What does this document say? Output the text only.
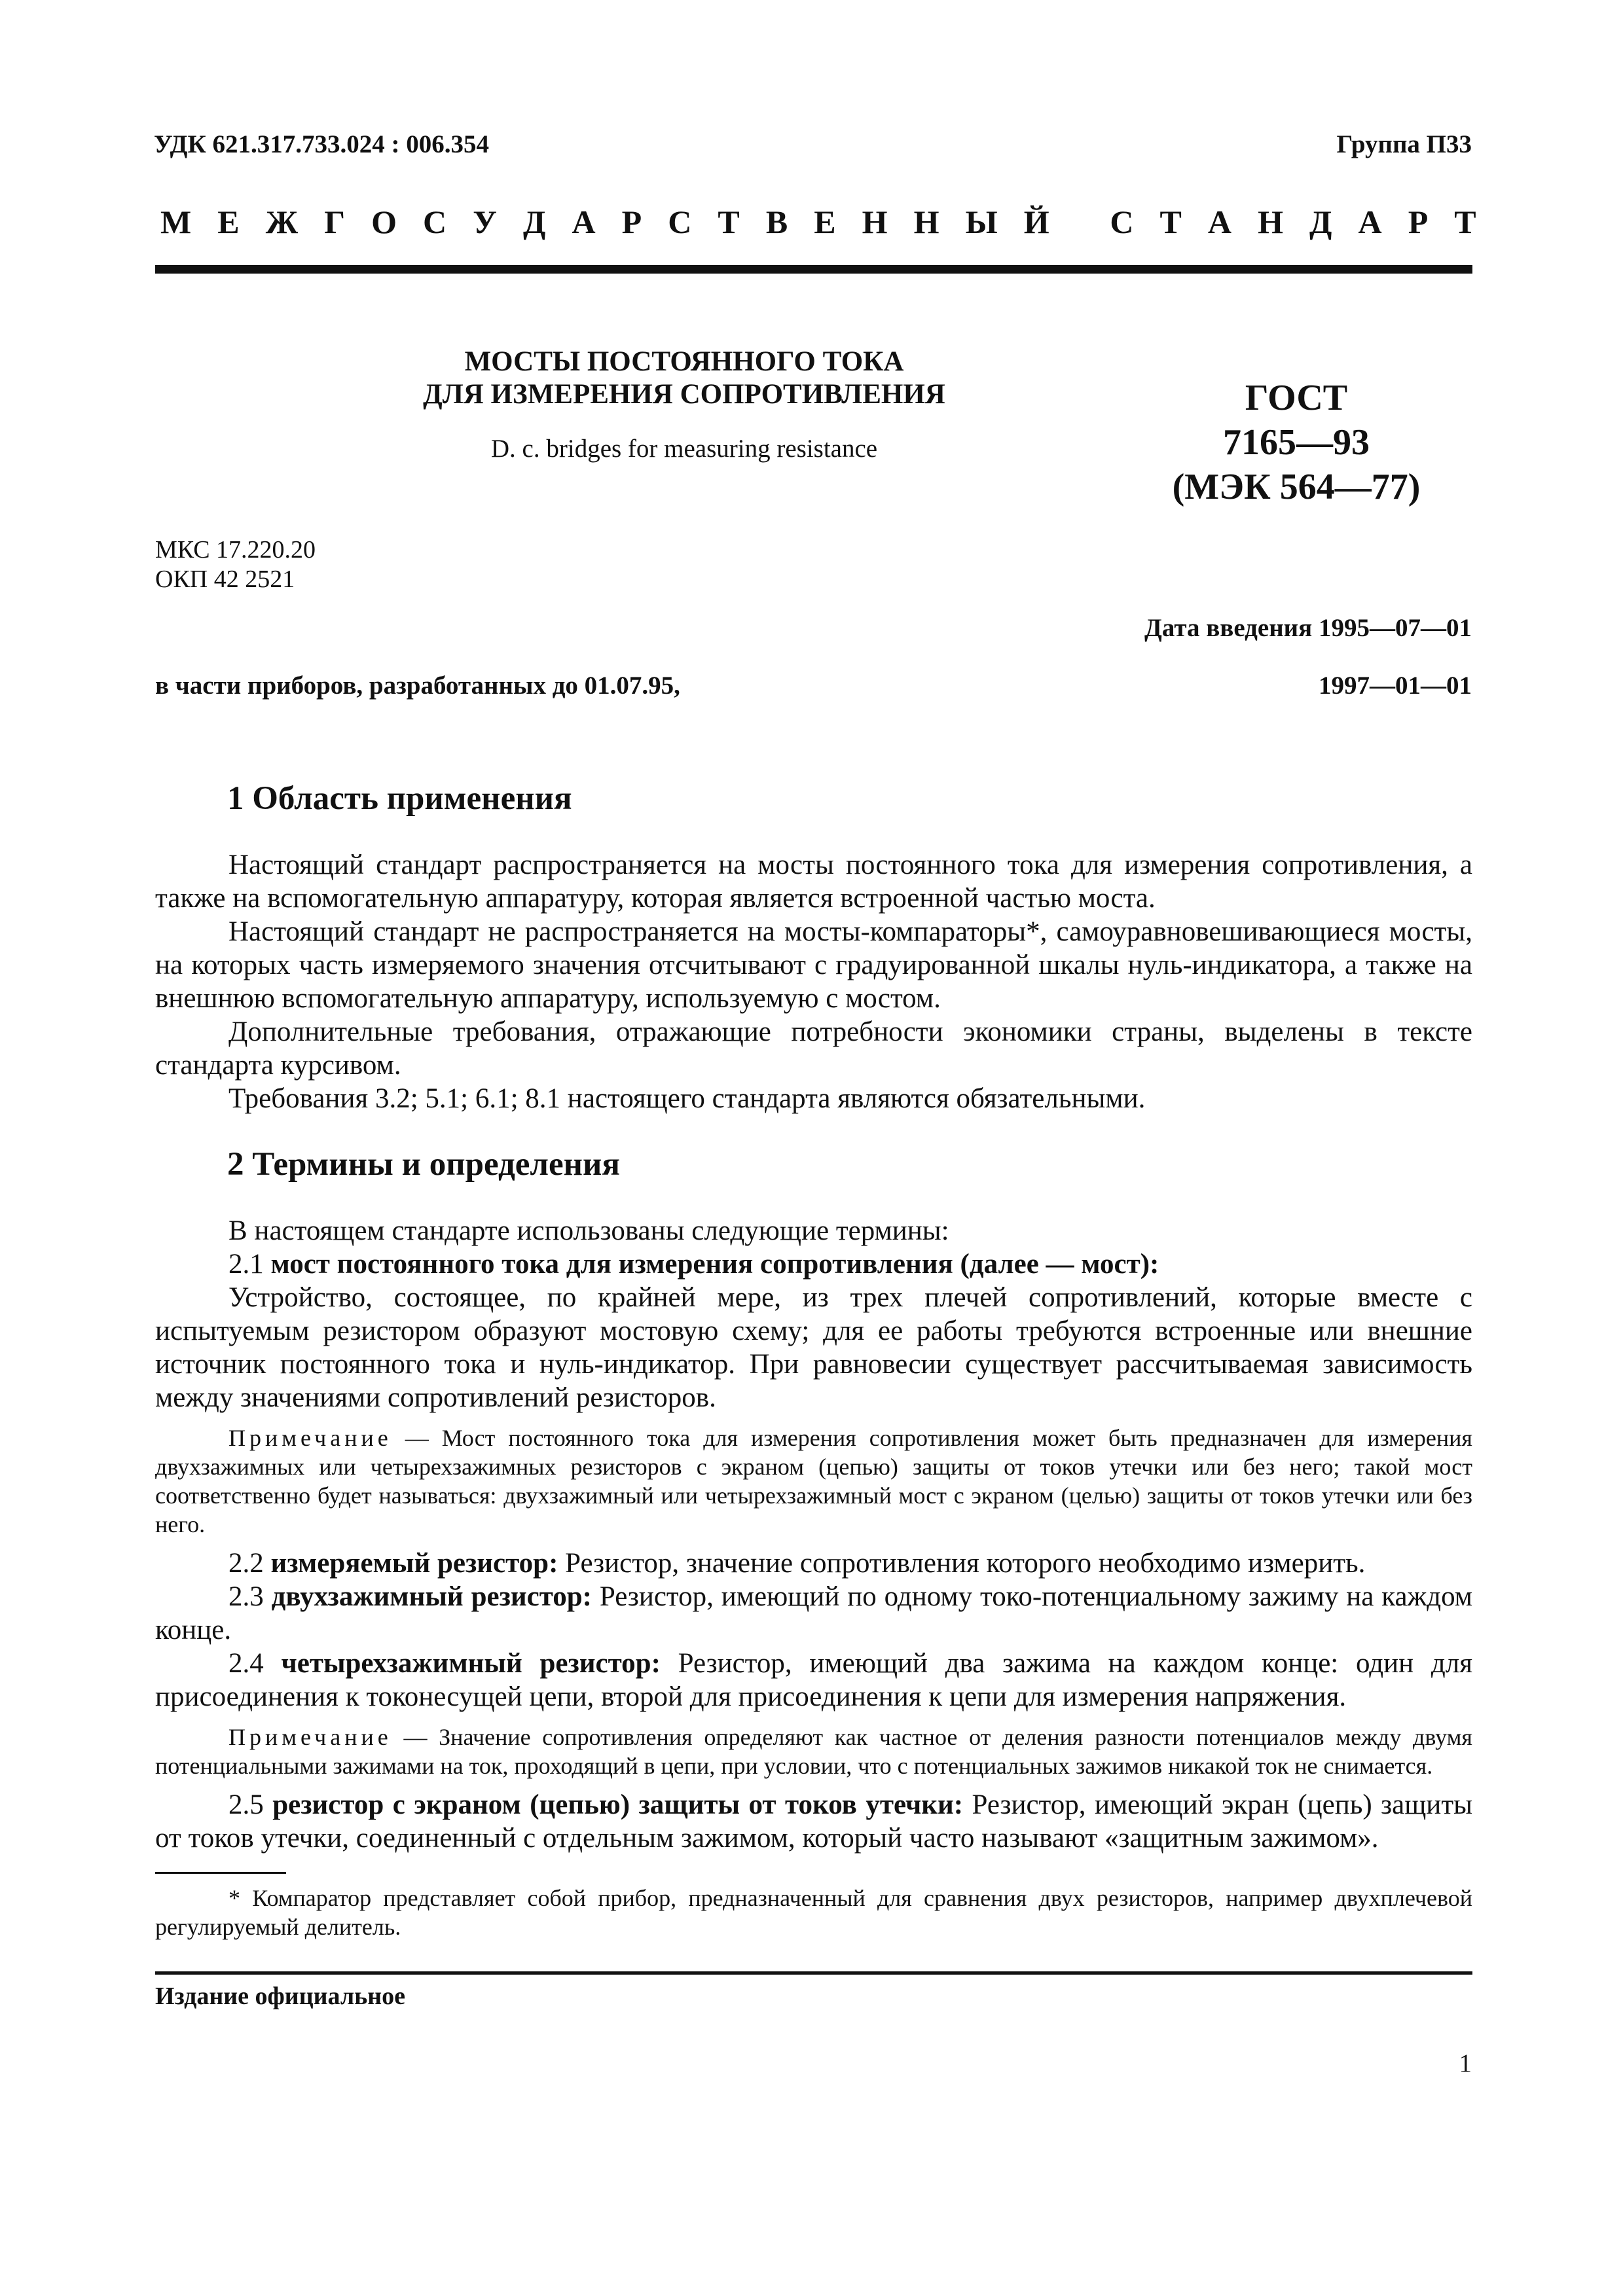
УДК 621.317.733.024 : 006.354	Группа П33
М Е Ж Г О С У Д А Р С Т В Е Н Н Ы Й
С Т А Н Д А Р Т
МОСТЫ ПОСТОЯННОГО ТОКА
ДЛЯ ИЗМЕРЕНИЯ СОПРОТИВЛЕНИЯ
D. c. bridges for measuring resistance
ГОСТ
7165—93
(МЭК 564—77)
МКС 17.220.20
ОКП 42 2521
Дата введения 1995—07—01
в части приборов, разработанных до 01.07.95,	1997—01—01
1 Область применения

Настоящий стандарт распространяется на мосты постоянного тока для измерения сопротивления, а также на вспомогательную аппаратуру, которая является встроенной частью моста.

Настоящий стандарт не распространяется на мосты-компараторы*, самоуравновешивающиеся мосты, на которых часть измеряемого значения отсчитывают с градуированной шкалы нуль-индикатора, а также на внешнюю вспомогательную аппаратуру, используемую с мостом.

Дополнительные требования, отражающие потребности экономики страны, выделены в тексте стандарта курсивом.

Требования 3.2; 5.1; 6.1; 8.1 настоящего стандарта являются обязательными.

2 Термины и определения

В настоящем стандарте использованы следующие термины:

2.1 мост постоянного тока для измерения сопротивления (далее — мост):

Устройство, состоящее, по крайней мере, из трех плечей сопротивлений, которые вместе с испытуемым резистором образуют мостовую схему; для ее работы требуются встроенные или внешние источник постоянного тока и нуль-индикатор. При равновесии существует рассчитываемая зависимость между значениями сопротивлений резисторов.

Примечание — Мост постоянного тока для измерения сопротивления может быть предназначен для измерения двухзажимных или четырехзажимных резисторов с экраном (цепью) защиты от токов утечки или без него; такой мост соответственно будет называться: двухзажимный или четырехзажимный мост с экраном (целью) защиты от токов утечки или без него.

2.2 измеряемый резистор: Резистор, значение сопротивления которого необходимо измерить.

2.3 двухзажимный резистор: Резистор, имеющий по одному токо-потенциальному зажиму на каждом конце.

2.4 четырехзажимный резистор: Резистор, имеющий два зажима на каждом конце: один для присоединения к токонесущей цепи, второй для присоединения к цепи для измерения напряжения.

Примечание — Значение сопротивления определяют как частное от деления разности потенциалов между двумя потенциальными зажимами на ток, проходящий в цепи, при условии, что с потенциальных зажимов никакой ток не снимается.

2.5 резистор с экраном (цепью) защиты от токов утечки: Резистор, имеющий экран (цепь) защиты от токов утечки, соединенный с отдельным зажимом, который часто называют «защитным зажимом».

* Компаратор представляет собой прибор, предназначенный для сравнения двух резисторов, например двухплечевой регулируемый делитель.
Издание официальное
1
